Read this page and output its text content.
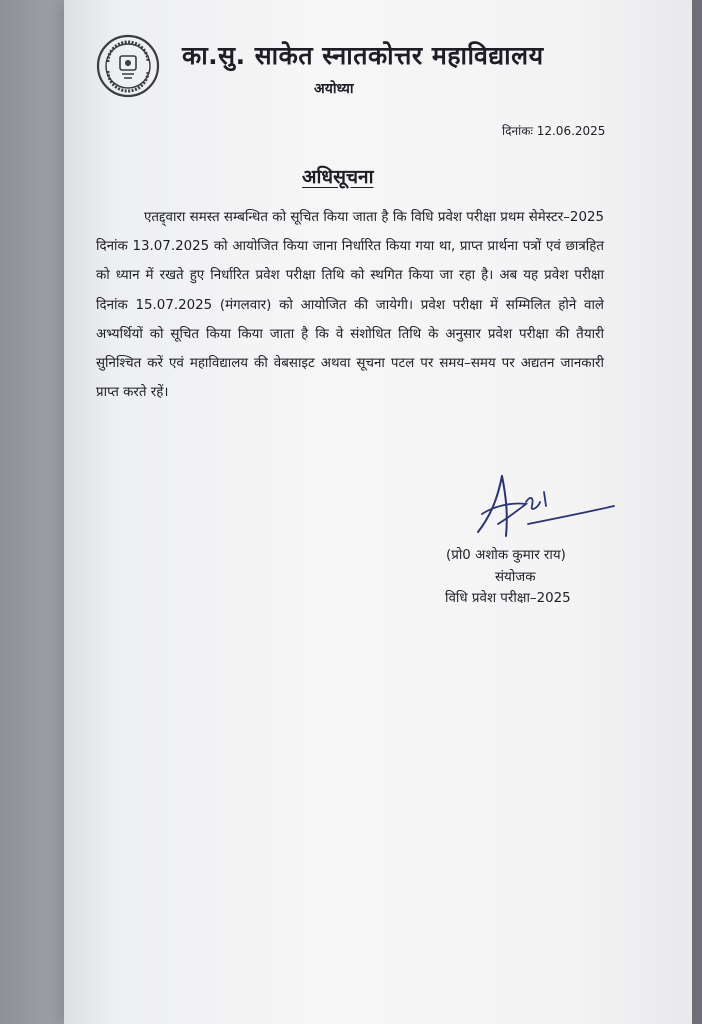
का.सु. साकेत स्नातकोत्तर महाविद्यालय
अयोध्या
दिनांकः 12.06.2025
अधिसूचना

एतद्द्वारा समस्त सम्बन्धित को सूचित किया जाता है कि विधि प्रवेश परीक्षा प्रथम सेमेस्टर–2025 दिनांक 13.07.2025 को आयोजित किया जाना निर्धारित किया गया था, प्राप्त प्रार्थना पत्रों एवं छात्रहित को ध्यान में रखते हुए निर्धारित प्रवेश परीक्षा तिथि को स्थगित किया जा रहा है। अब यह प्रवेश परीक्षा दिनांक 15.07.2025 (मंगलवार) को आयोजित की जायेगी। प्रवेश परीक्षा में सम्मिलित होने वाले अभ्यर्थियों को सूचित किया किया जाता है कि वे संशोधित तिथि के अनुसार प्रवेश परीक्षा की तैयारी सुनिश्चित करें एवं महाविद्यालय की वेबसाइट अथवा सूचना पटल पर समय–समय पर अद्यतन जानकारी प्राप्त करते रहें।

(प्रो0 अशोक कुमार राय)
संयोजक
विधि प्रवेश परीक्षा–2025
